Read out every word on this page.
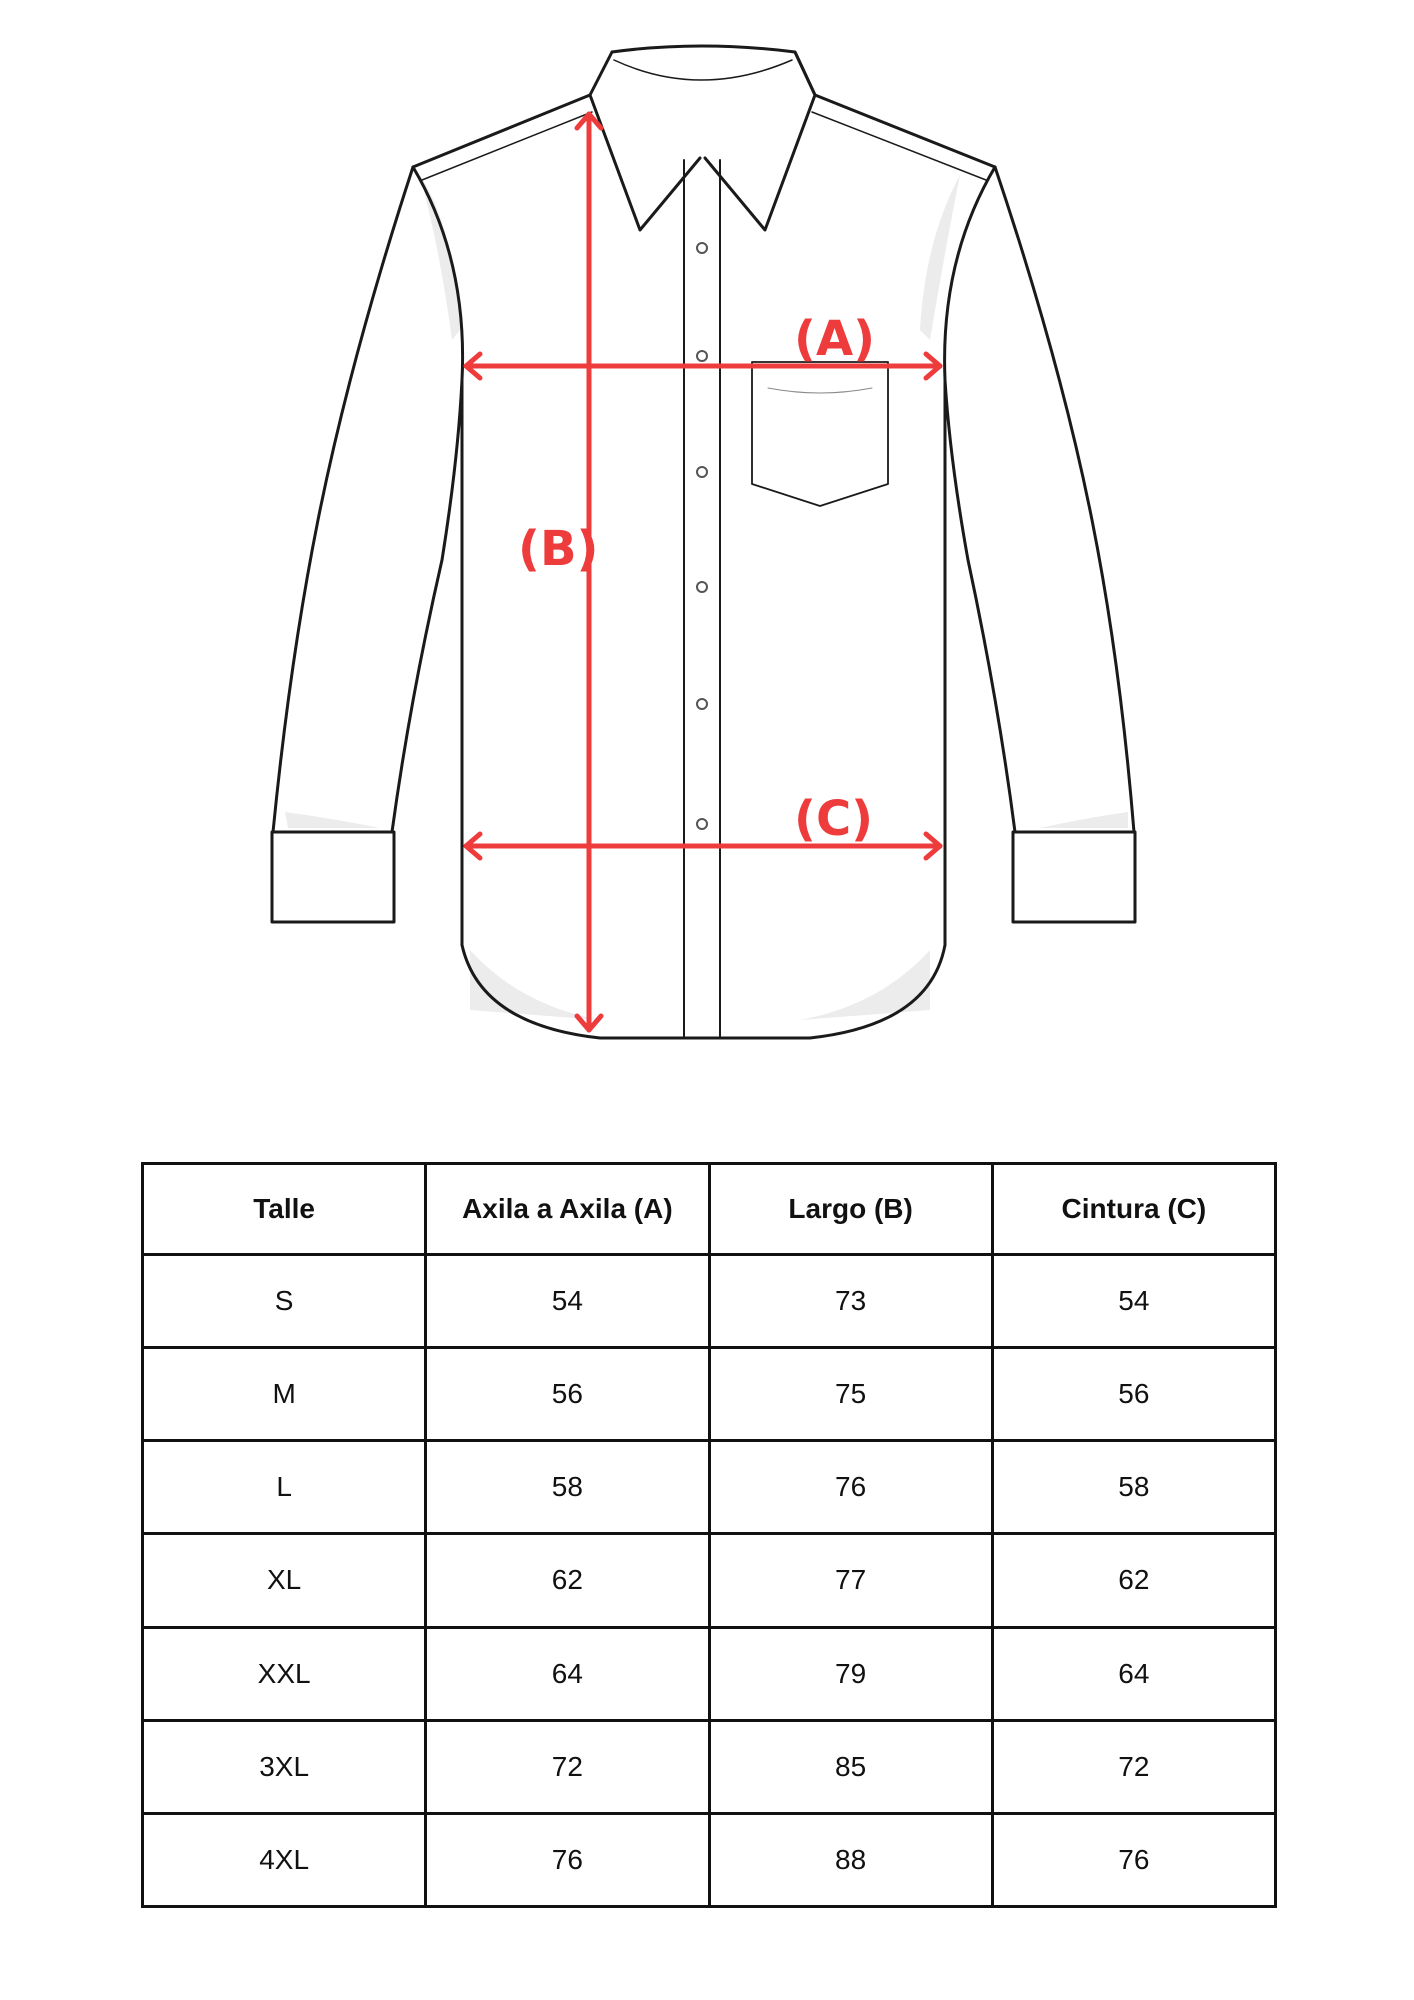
(A)
(B)
(C)
Talle	Axila a Axila (A)	Largo (B)	Cintura (C)
S	54	73	54
M	56	75	56
L	58	76	58
XL	62	77	62
XXL	64	79	64
3XL	72	85	72
4XL	76	88	76
